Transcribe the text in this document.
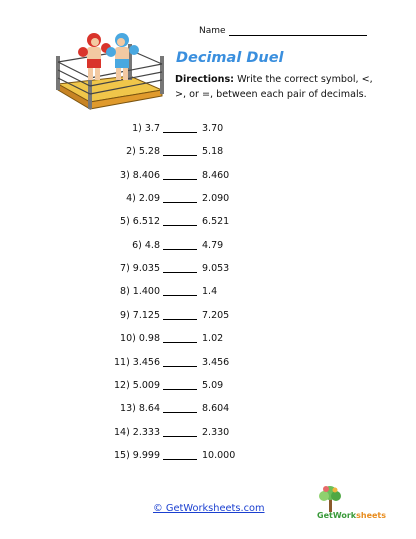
Name
Decimal Duel
Directions: Write the correct symbol, <, >, or =, between each pair of decimals.
1) 3.7	3.70
2) 5.28	5.18
3) 8.406	8.460
4) 2.09	2.090
5) 6.512	6.521
6) 4.8	4.79
7) 9.035	9.053
8) 1.400	1.4
9) 7.125	7.205
10) 0.98	1.02
11) 3.456	3.456
12) 5.009	5.09
13) 8.64	8.604
14) 2.333	2.330
15) 9.999	10.000
© GetWorksheets.com
GetWorksheets
